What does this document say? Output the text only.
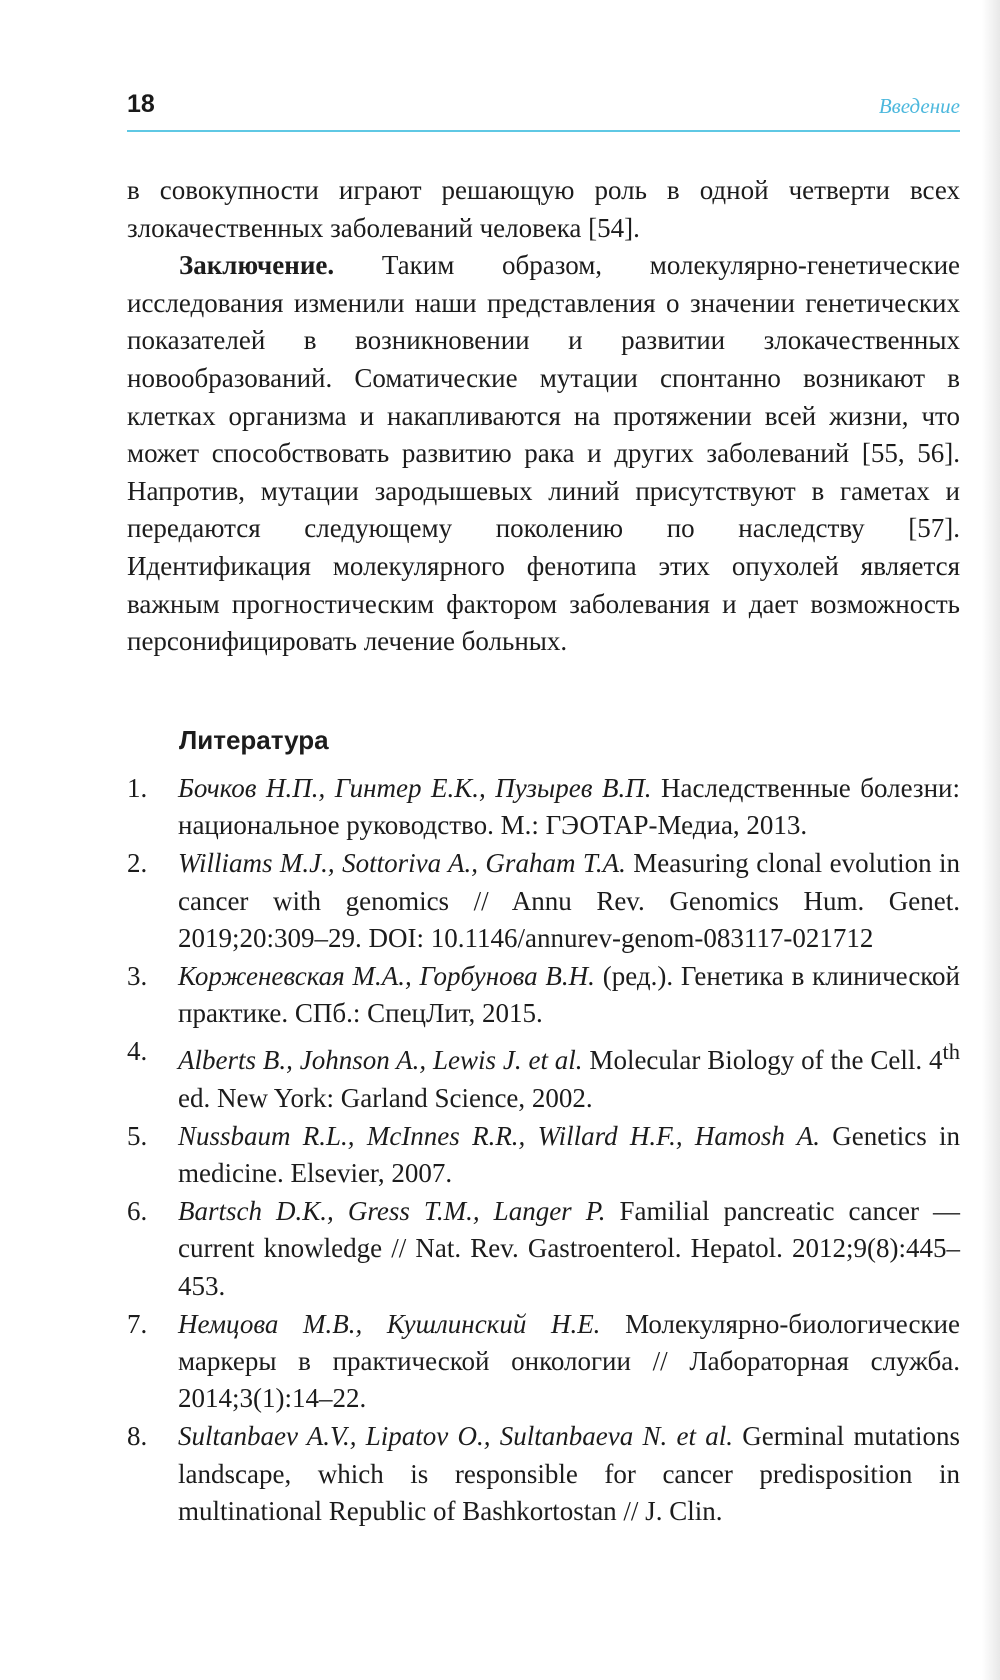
18	Введение

в совокупности играют решающую роль в одной четверти всех злокачественных заболеваний человека [54].

Заключение. Таким образом, молекулярно-генетические исследования изменили наши представления о значении генетических показателей в возникновении и развитии злокачественных новообразований. Соматические мутации спонтанно возникают в клетках организма и накапливаются на протяжении всей жизни, что может способствовать развитию рака и других заболеваний [55, 56]. Напротив, мутации зародышевых линий присутствуют в гаметах и передаются следующему поколению по наследству [57]. Идентификация молекулярного фенотипа этих опухолей является важным прогностическим фактором заболевания и дает возможность персонифицировать лечение больных.

Литература
1. Бочков Н.П., Гинтер Е.К., Пузырев В.П. Наследственные болезни: национальное руководство. М.: ГЭОТАР-Медиа, 2013.
2. Williams M.J., Sottoriva A., Graham T.A. Measuring clonal evolution in cancer with genomics // Annu Rev. Genomics Hum. Genet. 2019;20:309–29. DOI: 10.1146/annurev-genom-083117-021712
3. Корженевская М.А., Горбунова В.Н. (ред.). Генетика в клинической практике. СПб.: СпецЛит, 2015.
4. Alberts B., Johnson A., Lewis J. et al. Molecular Biology of the Cell. 4th ed. New York: Garland Science, 2002.
5. Nussbaum R.L., McInnes R.R., Willard H.F., Hamosh A. Genetics in medicine. Elsevier, 2007.
6. Bartsch D.K., Gress T.M., Langer P. Familial pancreatic cancer — current knowledge // Nat. Rev. Gastroenterol. Hepatol. 2012;9(8):445–453.
7. Немцова М.В., Кушлинский Н.Е. Молекулярно-биологические маркеры в практической онкологии // Лабораторная служба. 2014;3(1):14–22.
8. Sultanbaev A.V., Lipatov O., Sultanbaeva N. et al. Germinal mutations landscape, which is responsible for cancer predisposition in multinational Republic of Bashkortostan // J. Clin.
